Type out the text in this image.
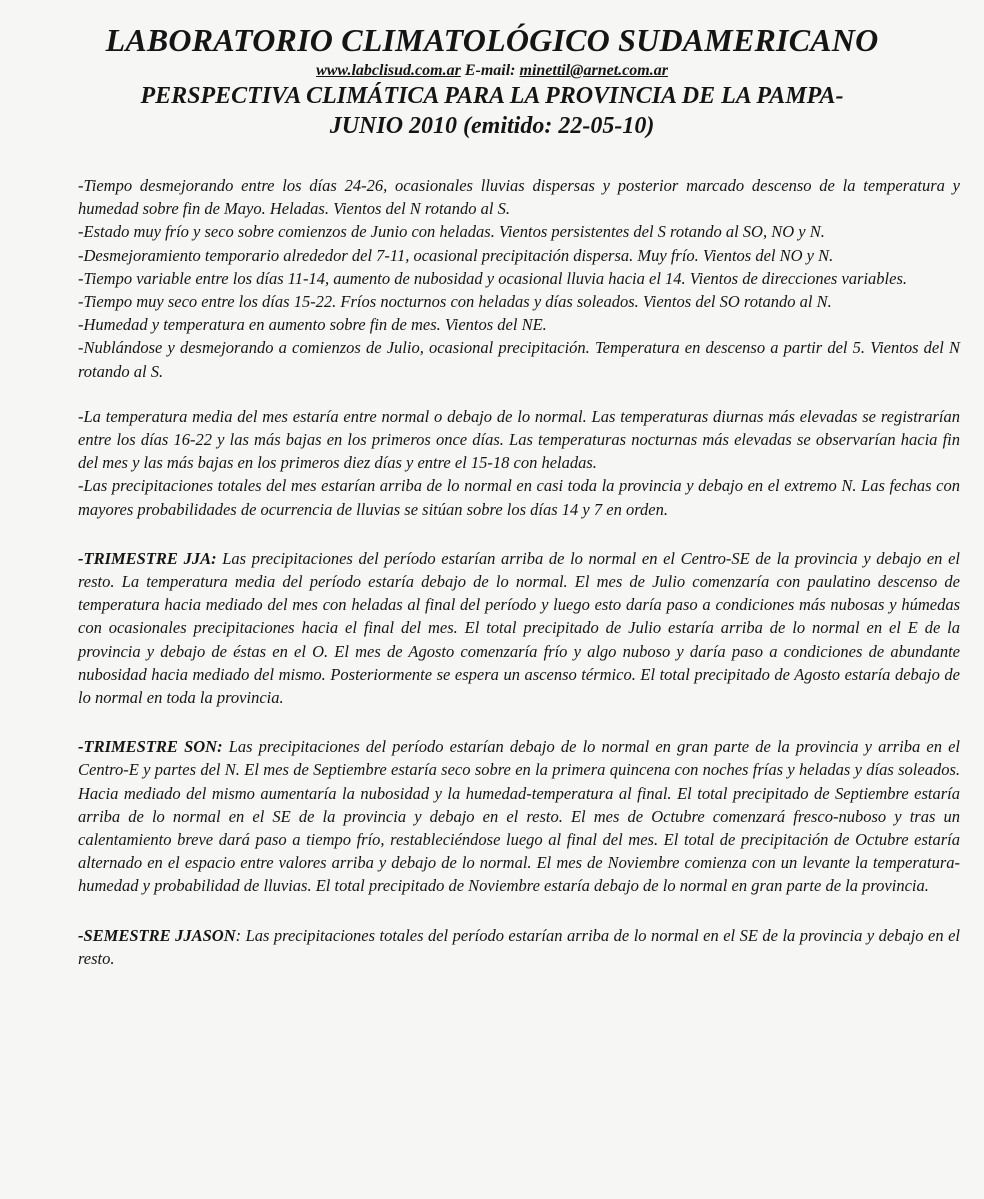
LABORATORIO CLIMATOLÓGICO SUDAMERICANO
www.labclisud.com.ar E-mail: minettil@arnet.com.ar
PERSPECTIVA CLIMÁTICA PARA LA PROVINCIA DE LA PAMPA-
JUNIO 2010 (emitido: 22-05-10)

-Tiempo desmejorando entre los días 24-26, ocasionales lluvias dispersas y posterior marcado descenso de la temperatura y humedad sobre fin de Mayo. Heladas. Vientos del N rotando al S.

-Estado muy frío y seco sobre comienzos de Junio con heladas. Vientos persistentes del S rotando al SO, NO y N.

-Desmejoramiento temporario alrededor del 7-11, ocasional precipitación dispersa. Muy frío. Vientos del NO y N.

-Tiempo variable entre los días 11-14, aumento de nubosidad y ocasional lluvia hacia el 14. Vientos de direcciones variables.

-Tiempo muy seco entre los días 15-22. Fríos nocturnos con heladas y días soleados. Vientos del SO rotando al N.

-Humedad y temperatura en aumento sobre fin de mes. Vientos del NE.

-Nublándose y desmejorando a comienzos de Julio, ocasional precipitación. Temperatura en descenso a partir del 5. Vientos del N rotando al S.

-La temperatura media del mes estaría entre normal o debajo de lo normal. Las temperaturas diurnas más elevadas se registrarían entre los días 16-22 y las más bajas en los primeros once días. Las temperaturas nocturnas más elevadas se observarían hacia fin del mes y las más bajas en los primeros diez días y entre el 15-18 con heladas.

-Las precipitaciones totales del mes estarían arriba de lo normal en casi toda la provincia y debajo en el extremo N. Las fechas con mayores probabilidades de ocurrencia de lluvias se sitúan sobre los días 14 y 7 en orden.

-TRIMESTRE JJA: Las precipitaciones del período estarían arriba de lo normal en el Centro-SE de la provincia y debajo en el resto. La temperatura media del período estaría debajo de lo normal. El mes de Julio comenzaría con paulatino descenso de temperatura hacia mediado del mes con heladas al final del período y luego esto daría paso a condiciones más nubosas y húmedas con ocasionales precipitaciones hacia el final del mes. El total precipitado de Julio estaría arriba de lo normal en el E de la provincia y debajo de éstas en el O. El mes de Agosto comenzaría frío y algo nuboso y daría paso a condiciones de abundante nubosidad hacia mediado del mismo. Posteriormente se espera un ascenso térmico. El total precipitado de Agosto estaría debajo de lo normal en toda la provincia.

-TRIMESTRE SON: Las precipitaciones del período estarían debajo de lo normal en gran parte de la provincia y arriba en el Centro-E y partes del N. El mes de Septiembre estaría seco sobre en la primera quincena con noches frías y heladas y días soleados. Hacia mediado del mismo aumentaría la nubosidad y la humedad-temperatura al final. El total precipitado de Septiembre estaría arriba de lo normal en el SE de la provincia y debajo en el resto. El mes de Octubre comenzará fresco-nuboso y tras un calentamiento breve dará paso a tiempo frío, restableciéndose luego al final del mes. El total de precipitación de Octubre estaría alternado en el espacio entre valores arriba y debajo de lo normal. El mes de Noviembre comienza con un levante la temperatura-humedad y probabilidad de lluvias. El total precipitado de Noviembre estaría debajo de lo normal en gran parte de la provincia.

-SEMESTRE JJASON: Las precipitaciones totales del período estarían arriba de lo normal en el SE de la provincia y debajo en el resto.
